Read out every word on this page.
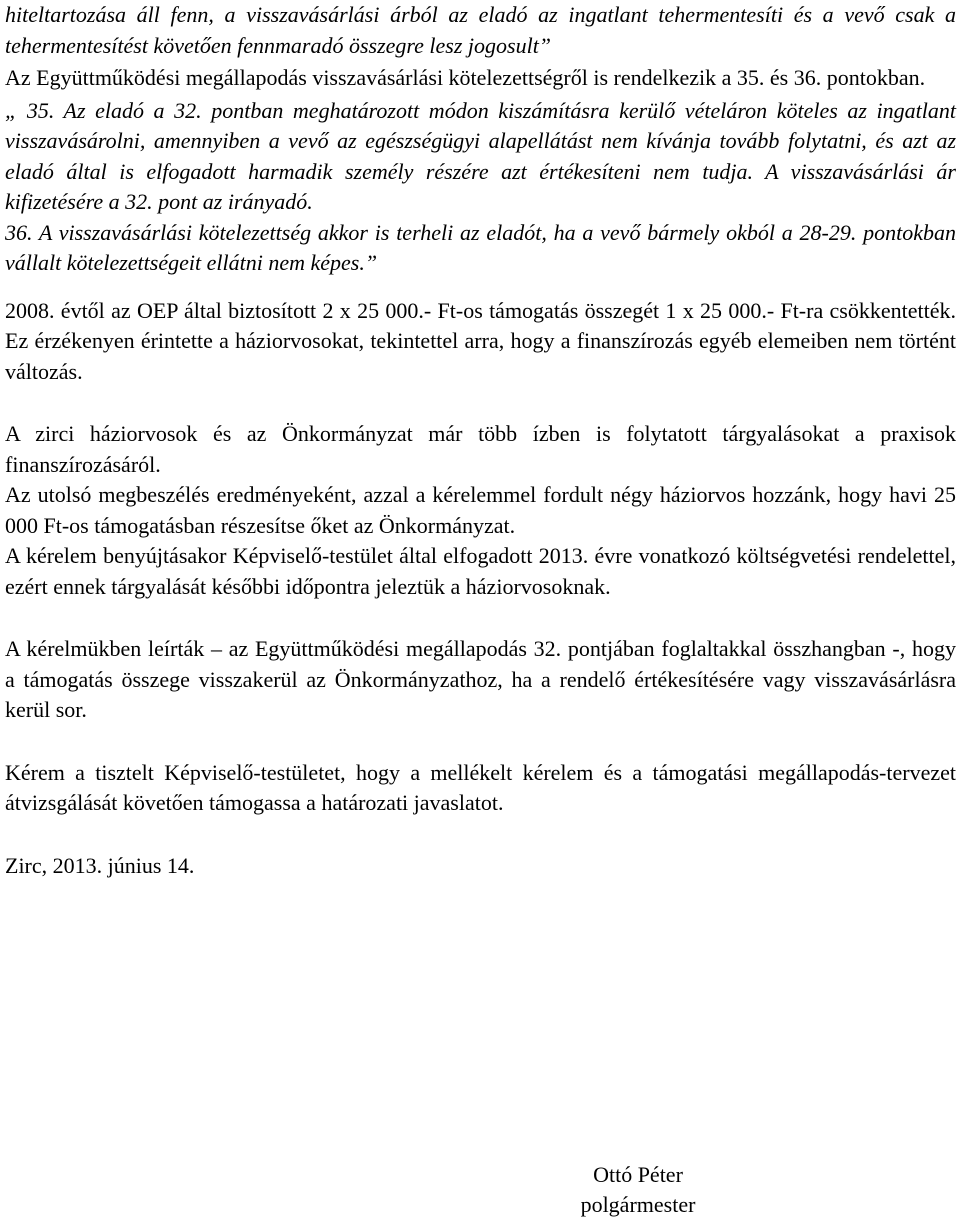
hiteltartozása áll fenn, a visszavásárlási árból az eladó az ingatlant tehermentesíti és a vevő csak a tehermentesítést követően fennmaradó összegre lesz jogosult”

Az Együttműködési megállapodás visszavásárlási kötelezettségről is rendelkezik a 35. és 36. pontokban.

„ 35. Az eladó a 32. pontban meghatározott módon kiszámításra kerülő vételáron köteles az ingatlant visszavásárolni, amennyiben a vevő az egészségügyi alapellátást nem kívánja tovább folytatni, és azt az eladó által is elfogadott harmadik személy részére azt értékesíteni nem tudja. A visszavásárlási ár kifizetésére a 32. pont az irányadó.

36. A visszavásárlási kötelezettség akkor is terheli az eladót, ha a vevő bármely okból a 28-29. pontokban vállalt kötelezettségeit ellátni nem képes.”

2008. évtől az OEP által biztosított 2 x 25 000.- Ft-os támogatás összegét 1 x 25 000.- Ft-ra csökkentették. Ez érzékenyen érintette a háziorvosokat, tekintettel arra, hogy a finanszírozás egyéb elemeiben nem történt változás.

A zirci háziorvosok és az Önkormányzat már több ízben is folytatott tárgyalásokat a praxisok finanszírozásáról.

Az utolsó megbeszélés eredményeként, azzal a kérelemmel fordult négy háziorvos hozzánk, hogy havi 25 000 Ft-os támogatásban részesítse őket az Önkormányzat.

A kérelem benyújtásakor Képviselő-testület által elfogadott 2013. évre vonatkozó költségvetési rendelettel, ezért ennek tárgyalását későbbi időpontra jeleztük a háziorvosoknak.

A kérelmükben leírták – az Együttműködési megállapodás 32. pontjában foglaltakkal összhangban -, hogy a támogatás összege visszakerül az Önkormányzathoz, ha a rendelő értékesítésére vagy visszavásárlásra kerül sor.

Kérem a tisztelt Képviselő-testületet, hogy a mellékelt kérelem és a támogatási megállapodás-tervezet átvizsgálását követően támogassa a határozati javaslatot.

Zirc, 2013. június 14.

Ottó Péter
polgármester
